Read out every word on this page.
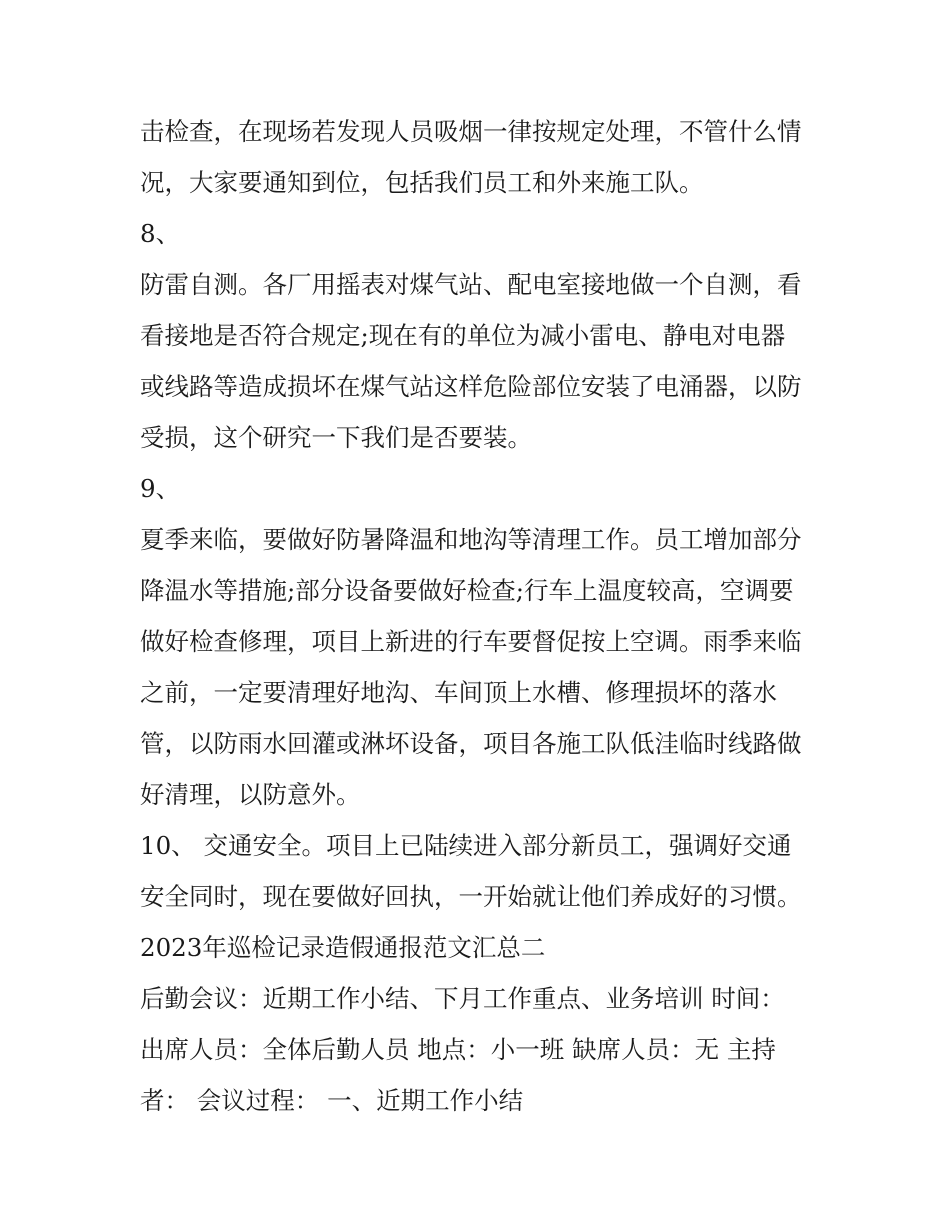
击检查，在现场若发现人员吸烟一律按规定处理，不管什么情
况，大家要通知到位，包括我们员工和外来施工队。
8、
防雷自测。各厂用摇表对煤气站、配电室接地做一个自测，看
看接地是否符合规定;现在有的单位为减小雷电、静电对电器
或线路等造成损坏在煤气站这样危险部位安装了电涌器，以防
受损，这个研究一下我们是否要装。
9、
夏季来临，要做好防暑降温和地沟等清理工作。员工增加部分
降温水等措施;部分设备要做好检查;行车上温度较高，空调要
做好检查修理，项目上新进的行车要督促按上空调。雨季来临
之前，一定要清理好地沟、车间顶上水槽、修理损坏的落水
管，以防雨水回灌或淋坏设备，项目各施工队低洼临时线路做
好清理，以防意外。
10、 交通安全。项目上已陆续进入部分新员工，强调好交通
安全同时，现在要做好回执，一开始就让他们养成好的习惯。
2023年巡检记录造假通报范文汇总二
后勤会议：近期工作小结、下月工作重点、业务培训 时间：
出席人员：全体后勤人员 地点：小一班 缺席人员：无 主持
者： 会议过程： 一、近期工作小结
